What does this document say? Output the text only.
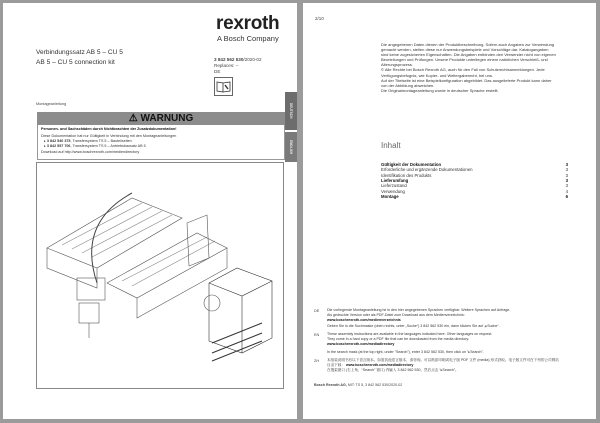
rexroth
A Bosch Company
Verbindungssatz AB 5 – CU 5
AB 5 – CU 5 connection kit	3 842 562 530/2020-02
Replaces: –
DE
Montageanleitung	DEUTSCH
ENGLISH
⚠ WARNUNG
Personen- und Sachschäden durch Nichtbeachten der Zusatzdokumentation!
Diese Dokumentation hat nur Gültigkeit in Verbindung mit den Montageanleitungen
▸ 3 842 540 375, Transfersystem TS 5 – Bauteilseiten
▸ 3 842 557 706, Transfersystem TS 5 – Antriebsbausatz AB 5
Download auf http://www.boschrexroth.com/mediendirectory
2/10
Die angegebenen Daten dienen der Produktbeschreibung. Sofern auch Angaben zur Verwendung
gemacht werden, stellen diese nur Anwendungsbeispiele und Vorschläge dar. Katalogangaben
sind keine zugesicherten Eigenschaften. Die Angaben entbinden den Verwender nicht von eigenen
Beurteilungen und Prüfungen. Unsere Produkte unterliegen einem natürlichen Verschleiß- und
Alterungsprozess.
© Alle Rechte bei Bosch Rexroth AG, auch für den Fall von Schutzrechtsanmeldungen. Jede
Verfügungsbefugnis, wie Kopier- und Weitergaberecht, bei uns.
Auf der Titelseite ist eine Beispielkonfiguration abgebildet. Das ausgelieferte Produkt kann daher
von der Abbildung abweichen.
Die Originalmontageanleitung wurde in deutscher Sprache erstellt.
Inhalt
Gültigkeit der Dokumentation	3
Erforderliche und ergänzende Dokumentationen	3
Identifikation des Produkts	3
Lieferumfang	3
Lieferzustand	3
Verwendung	4
Montage	6
DE Die vorliegende Montageanleitung ist in den hier angegebenen Sprachen verfügbar. Weitere Sprachen auf Anfrage.
Als gedruckte Version oder als PDF-Datei zum Download aus dem Medienverzeichnis:
www.boschrexroth.com/medienverzeichnis
Geben Sie in die Suchmaske (oben rechts, unter „Suche“) 3 842 562 530 ein, dann klicken Sie auf „▸Suche“.
EN These assembly instructions are available in the languages indicated here. Other languages on request.
They come in a hard copy or a PDF file that can be downloaded from the media directory:
www.boschrexroth.com/mediadirectory
In the search mask (at the top right, under "Search"), enter 3 842 562 530, then click on "▸Search".
ZH 本组装说明书有以下语言版本。如需其他语言版本，请咨询。可以纸质印刷或电子版 PDF 文件 (media) 形式获取。电子版文件可在下列的公司网站
目录下载： www.boschrexroth.com/mediadirectory
在搜索窗口 (右上角，“Search” 窗口) 内输入 3 842 562 530，然后点击 “▸Search”。
Bosch Rexroth AG, MIT: TS 5, 3 842 562 530/2020-02
